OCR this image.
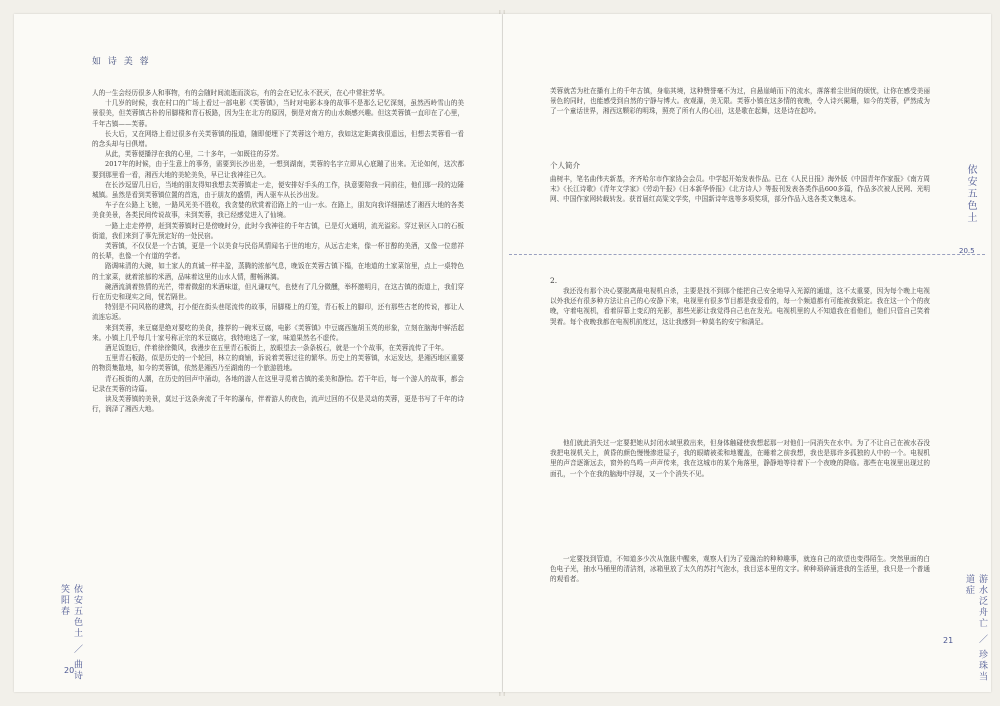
如 诗 美 蓉

人的一生会经历很多人和事物，有的会随时间流逝而淡忘，有的会在记忆永不泯灭，在心中常驻芳华。

十几岁的时候，我在村口的广场上看过一部电影《芙蓉镇》，当时对电影本身的故事不是那么记忆深刻，虽然西岭雪山的美景很美，但芙蓉镇古朴的吊脚楼和青石板路，因为生在北方的原因，倒是对南方的山水颇感兴趣。但这芙蓉镇一直印在了心里，千年古镇——芙蓉。

长大后，又在网络上看过很多有关芙蓉镇的报道，随即便埋下了芙蓉这个地方，我如这定距离我很遥远，但想去芙蓉看一看的念头却与日俱增。

从此，芙蓉便播浮在我的心里，二十多年，一如既往的芬芳。

2017年的时候，由于生意上的事务，需要到长沙出差，一想到湖南，芙蓉的名字立即从心底蹦了出来。无论如何，这次都要到那里看一看，湘西大地的美轮美奂，早已让我神往已久。

在长沙逗留几日后，当地的朋友得知我想去芙蓉镇走一走，便安排好手头的工作，执意要陪我一同前往，他们那一段的边陲城镇。虽然是看到芙蓉镇位置的首选，由于朋友的盛情，两人驱车从长沙出发。

车子在公路上飞驰，一路风光美不胜收，我贪婪的欣赏着沿路上的一山一水。在路上，朋友向我详细描述了湘西大地的各类美食美景，各类民间传说故事，未到芙蓉，我已经感觉进入了仙境。

一路上走走停停，赶到芙蓉镇时已是傍晚时分，此时今我神往的千年古镇，已是灯火通明，流光溢彩。穿过景区入口的石板街道，我们来到了事先预定好的一处民宿。

芙蓉镇，不仅仅是一个古镇，更是一个以美食与民俗风情闻名于世的地方，从远古走来，像一杯甘醇的美酒，又像一位慈祥的长辈，也像一个有道的学者。

路调味清的大碗，如土家人的真诚一样丰盈，蒸腾的浓郁气息，晚饭在芙蓉古镇下榻，在地道的土家菜馆里，点上一桌特色的土家菜，就着浓郁的米酒，品味着这里的山水人情，酣畅淋漓。

碗酒流淌着热情的光芒，带着微甜的米酒味道，但凡谦叹气，也使有了几分微醺，举杯邀明月，在这古镇的街道上，我们穿行在历史和现实之间，恍若隔世。

特别是不同风格的建筑，打小便在街头巷尾流传的故事，吊脚楼上的灯笼，青石板上的脚印，还有那些古老的传说，都让人流连忘返。

来到芙蓉，来豆腐是绝对要吃的美食，推荐的一碗米豆腐，电影《芙蓉镇》中豆腐西施胡玉英的形象，立刻在脑海中鲜活起来。小镇上几乎每几十家号称正宗的米豆腐店，我特地选了一家，味道果然名不虚传。

酒足饭饱后，伴着徐徐微风，我漫步在五里青石板街上，放眼望去一条条板石，就是一个个故事，在芙蓉流传了千年。

五里青石板路，似是历史的一个轮回，林立的商铺，诉说着芙蓉过往的繁华。历史上的芙蓉镇，水运发达，是湘西地区重要的物资集散地，如今的芙蓉镇，依然是湘西乃至湖南的一个旅游胜地。

青石板街的人潮，在历史的回声中涌动，各地的游人在这里寻觅着古镇的柔美和静怡。若干年后，每一个游人的故事，都会记录在芙蓉的诗篇。

读及芙蓉镇的美景，莫过于这条奔流了千年的瀑布，伴着游人的夜色，流声过回的不仅是灵动的芙蓉，更是书写了千年的诗行，润泽了湘西大地。

依安五色土 ／ 曲诗笑阳春
20

芙蓉就苦为杜在播有上的千年古镇，身临其境，这种赞誉毫不为过，自悬崖峭而下的流水，落落着尘世间的烦忧，让你在感受美丽景色的同时，也能感受到自然的宁静与博大。夜观瀑，美无限。芙蓉小镇在这多情的夜晚，令人诗兴阑珊，如今的芙蓉，俨然成为了一个童话世界，湘西这颗彩的明珠，照亮了所有人的心田，这是歌在起舞，这是诗在起吟。

个人简介

曲树丰，笔名曲伟夫新基，齐齐哈尔市作家协会会员。中学起开始发表作品。已在《人民日报》海外版《中国青年作家报》《南方周末》《长江诗歌》《青年文学家》《劳动午报》《日本新华侨报》《北方诗人》等报刊发表各类作品600多篇，作品多次被人民网、光明网、中国作家网转载转发。获首届红高粱文学奖，中国新诗年选等多项奖项，部分作品入选各类文集选本。

2.

我还没有那个决心要脱离最电视机自杀，主要是找不到那个能把自己安全地导入光源的通道，这不太重要，因为每个晚上电视以外我还有很多种方法让自己的心安静下来，电视里有很多节目都是我爱看的，每一个频道都有可能被我锁定。我在这一个个的夜晚，守着电视机，看着屏幕上变幻的光影，那些光影让我觉得自己也在发光。电视机里的人不知道我在看他们，他们只管自己笑着哭着。每个夜晚我都在电视机前度过，这让我感到一种莫名的安宁和满足。

他们就此消失过一定要把她从封闭水域里救出来，但身体触碰使我想起那一对他们一同消失在水中。为了不让自己在被水吞没我把电视机关上，黄昏的颜色慢慢渗进屋子，我的眼睛被柔和地覆盖，在睡着之前我想，我也是那许多孤独的人中的一个。电视机里的声音逐渐远去，窗外的鸟鸣一声声传来，我在这城市的某个角落里，静静地等待着下一个夜晚的降临。那些在电视里出现过的面孔，一个个在我的脑海中浮现，又一个个消失不见。

一定要找到管道，不知道多少次从饱胀中醒来，观察人们为了爱融治的种种趣事，就连自己的欲望也变得陌生。突然里面的白色电子光，抽水马桶里的清洁剂，冰箱里放了太久的苏打气泡水，我目送本里的文字。种种琐碎涌进我的生活里，我只是一个普通的观看者。

依安五色土
20.5
游水泛舟亡 ／ 珍珠当道症
21
